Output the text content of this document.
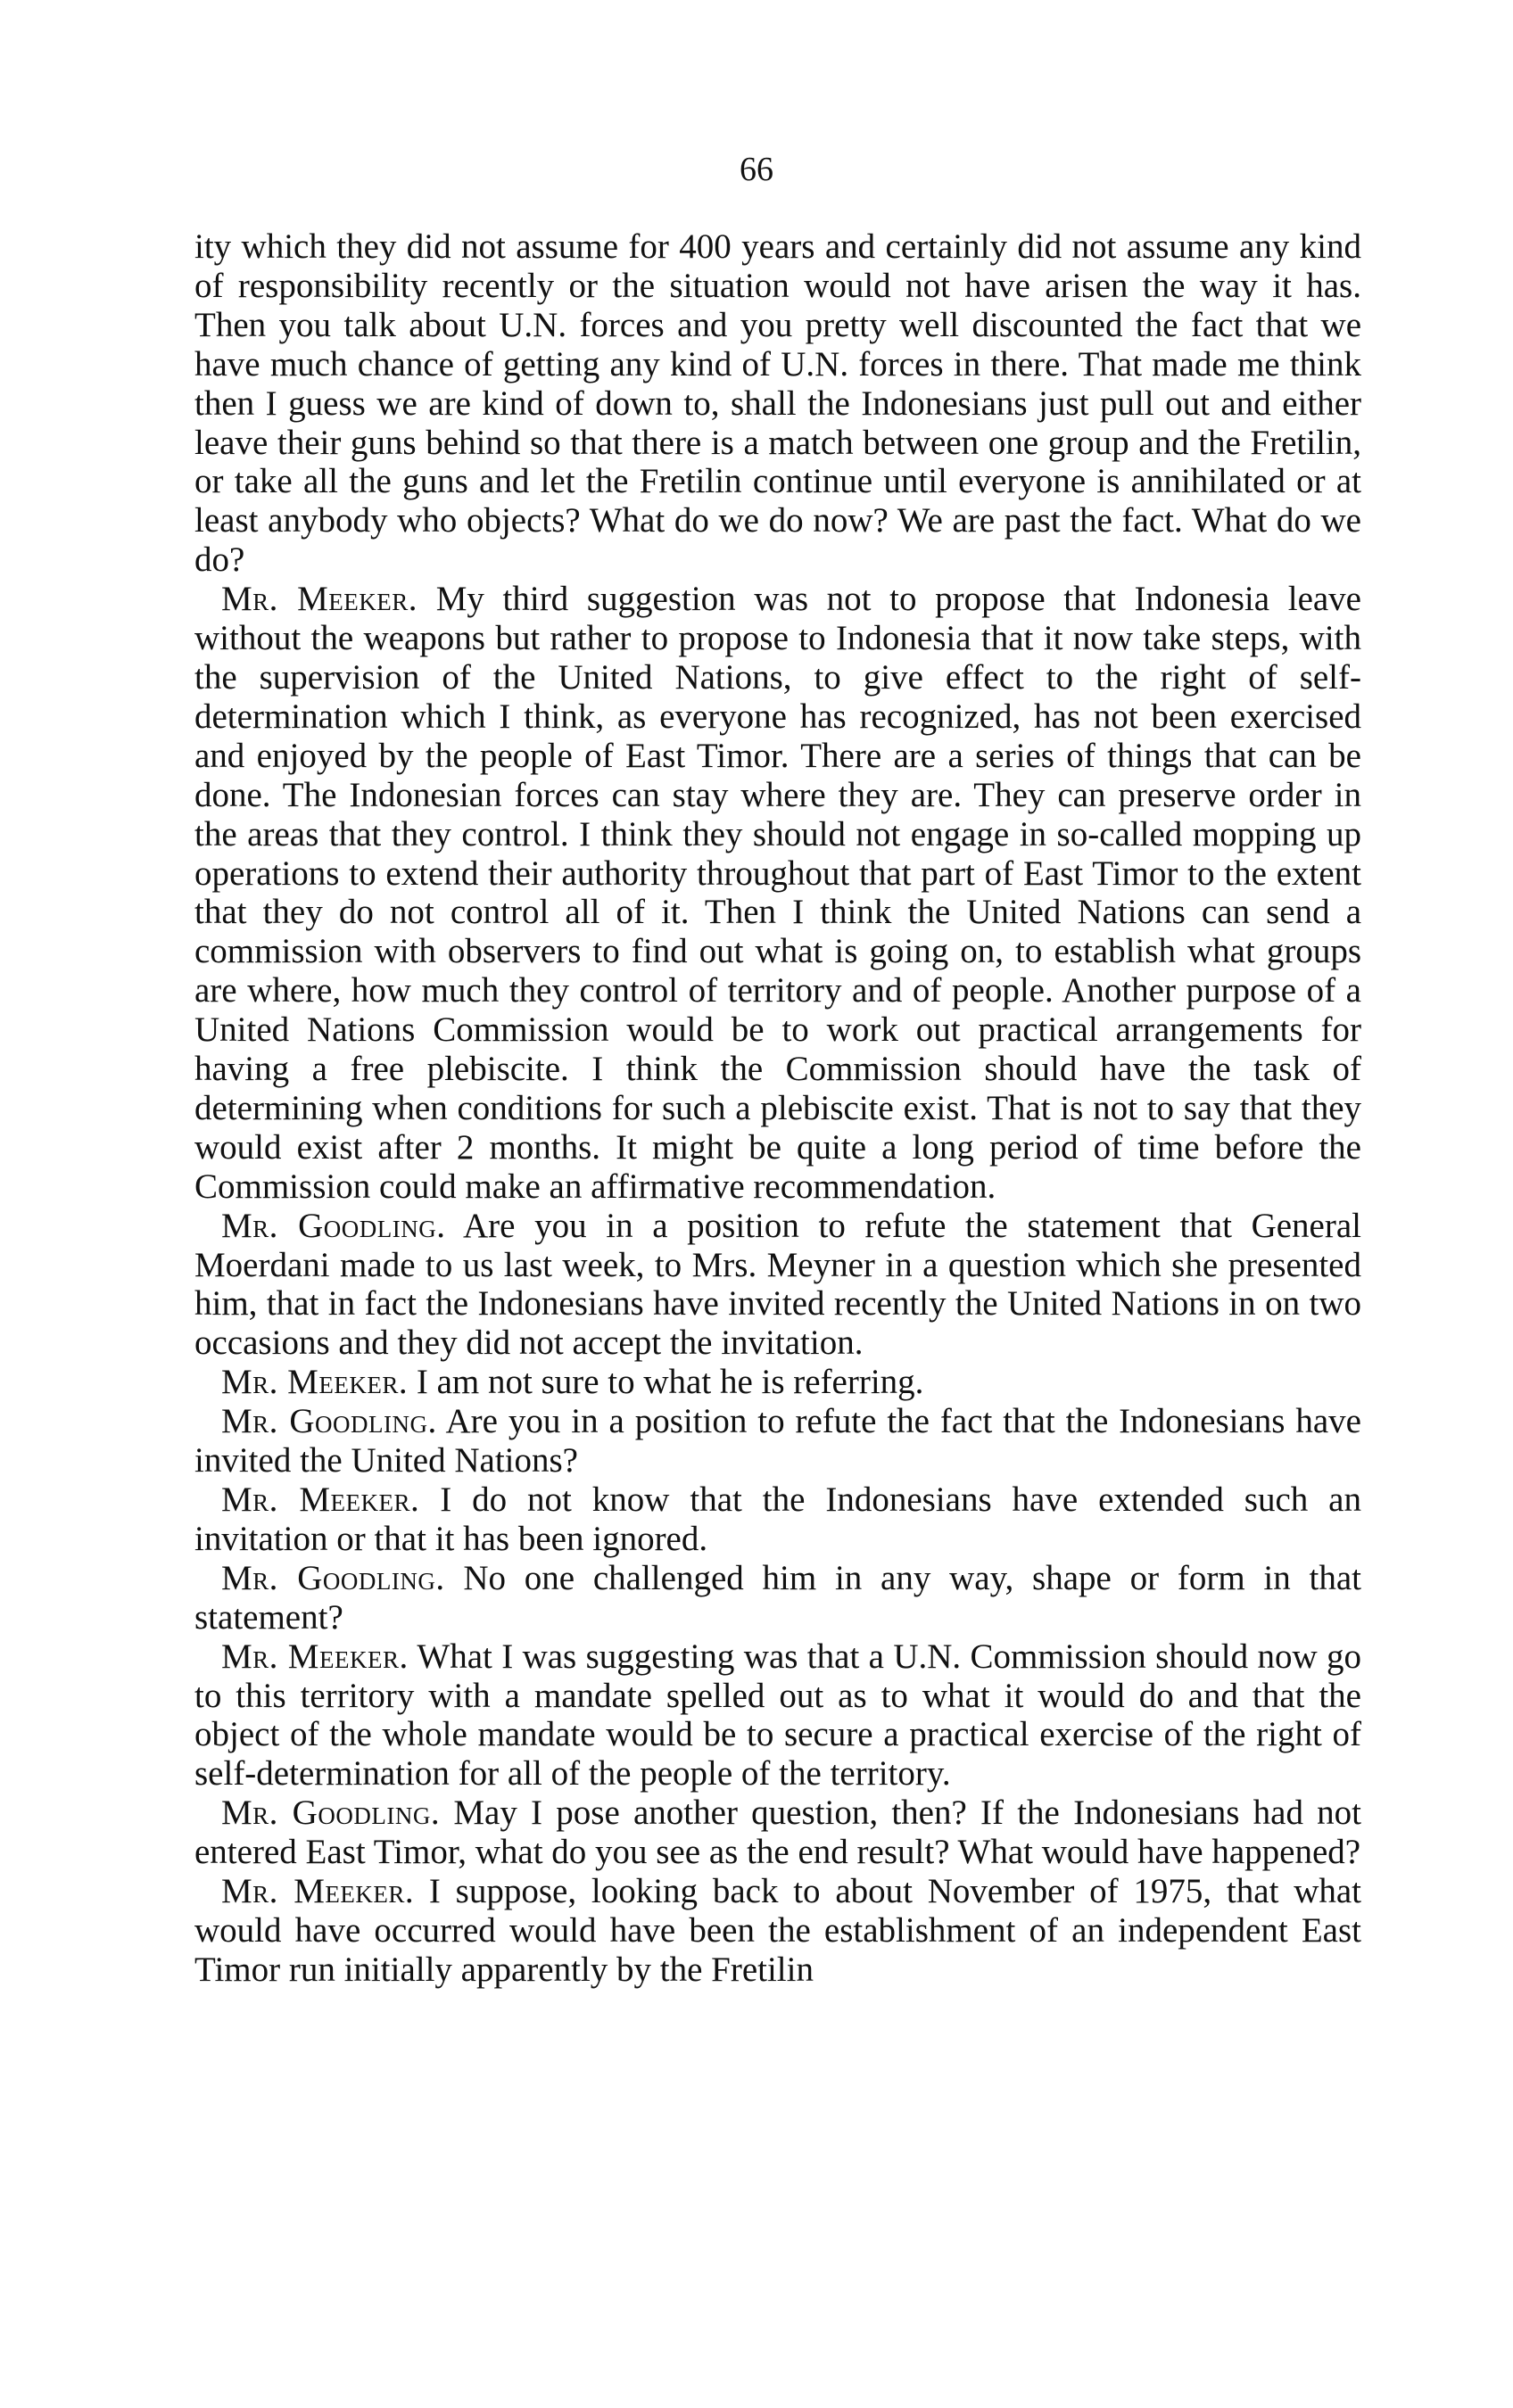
66

ity which they did not assume for 400 years and certainly did not assume any kind of responsibility recently or the situation would not have arisen the way it has. Then you talk about U.N. forces and you pretty well discounted the fact that we have much chance of getting any kind of U.N. forces in there. That made me think then I guess we are kind of down to, shall the Indonesians just pull out and either leave their guns behind so that there is a match between one group and the Fretilin, or take all the guns and let the Fretilin continue until everyone is annihilated or at least anybody who objects? What do we do now? We are past the fact. What do we do?

Mr. Meeker. My third suggestion was not to propose that Indonesia leave without the weapons but rather to propose to Indonesia that it now take steps, with the supervision of the United Nations, to give effect to the right of self-determination which I think, as everyone has recognized, has not been exercised and enjoyed by the people of East Timor. There are a series of things that can be done. The Indonesian forces can stay where they are. They can preserve order in the areas that they control. I think they should not engage in so-called mopping up operations to extend their authority throughout that part of East Timor to the extent that they do not control all of it. Then I think the United Nations can send a commission with observers to find out what is going on, to establish what groups are where, how much they control of territory and of people. Another purpose of a United Nations Commission would be to work out practical arrangements for having a free plebiscite. I think the Commission should have the task of determining when conditions for such a plebiscite exist. That is not to say that they would exist after 2 months. It might be quite a long period of time before the Commission could make an affirmative recommendation.

Mr. Goodling. Are you in a position to refute the statement that General Moerdani made to us last week, to Mrs. Meyner in a question which she presented him, that in fact the Indonesians have invited recently the United Nations in on two occasions and they did not accept the invitation.

Mr. Meeker. I am not sure to what he is referring.

Mr. Goodling. Are you in a position to refute the fact that the Indonesians have invited the United Nations?

Mr. Meeker. I do not know that the Indonesians have extended such an invitation or that it has been ignored.

Mr. Goodling. No one challenged him in any way, shape or form in that statement?

Mr. Meeker. What I was suggesting was that a U.N. Commission should now go to this territory with a mandate spelled out as to what it would do and that the object of the whole mandate would be to secure a practical exercise of the right of self-determination for all of the people of the territory.

Mr. Goodling. May I pose another question, then? If the Indonesians had not entered East Timor, what do you see as the end result? What would have happened?

Mr. Meeker. I suppose, looking back to about November of 1975, that what would have occurred would have been the establishment of an independent East Timor run initially apparently by the Fretilin
